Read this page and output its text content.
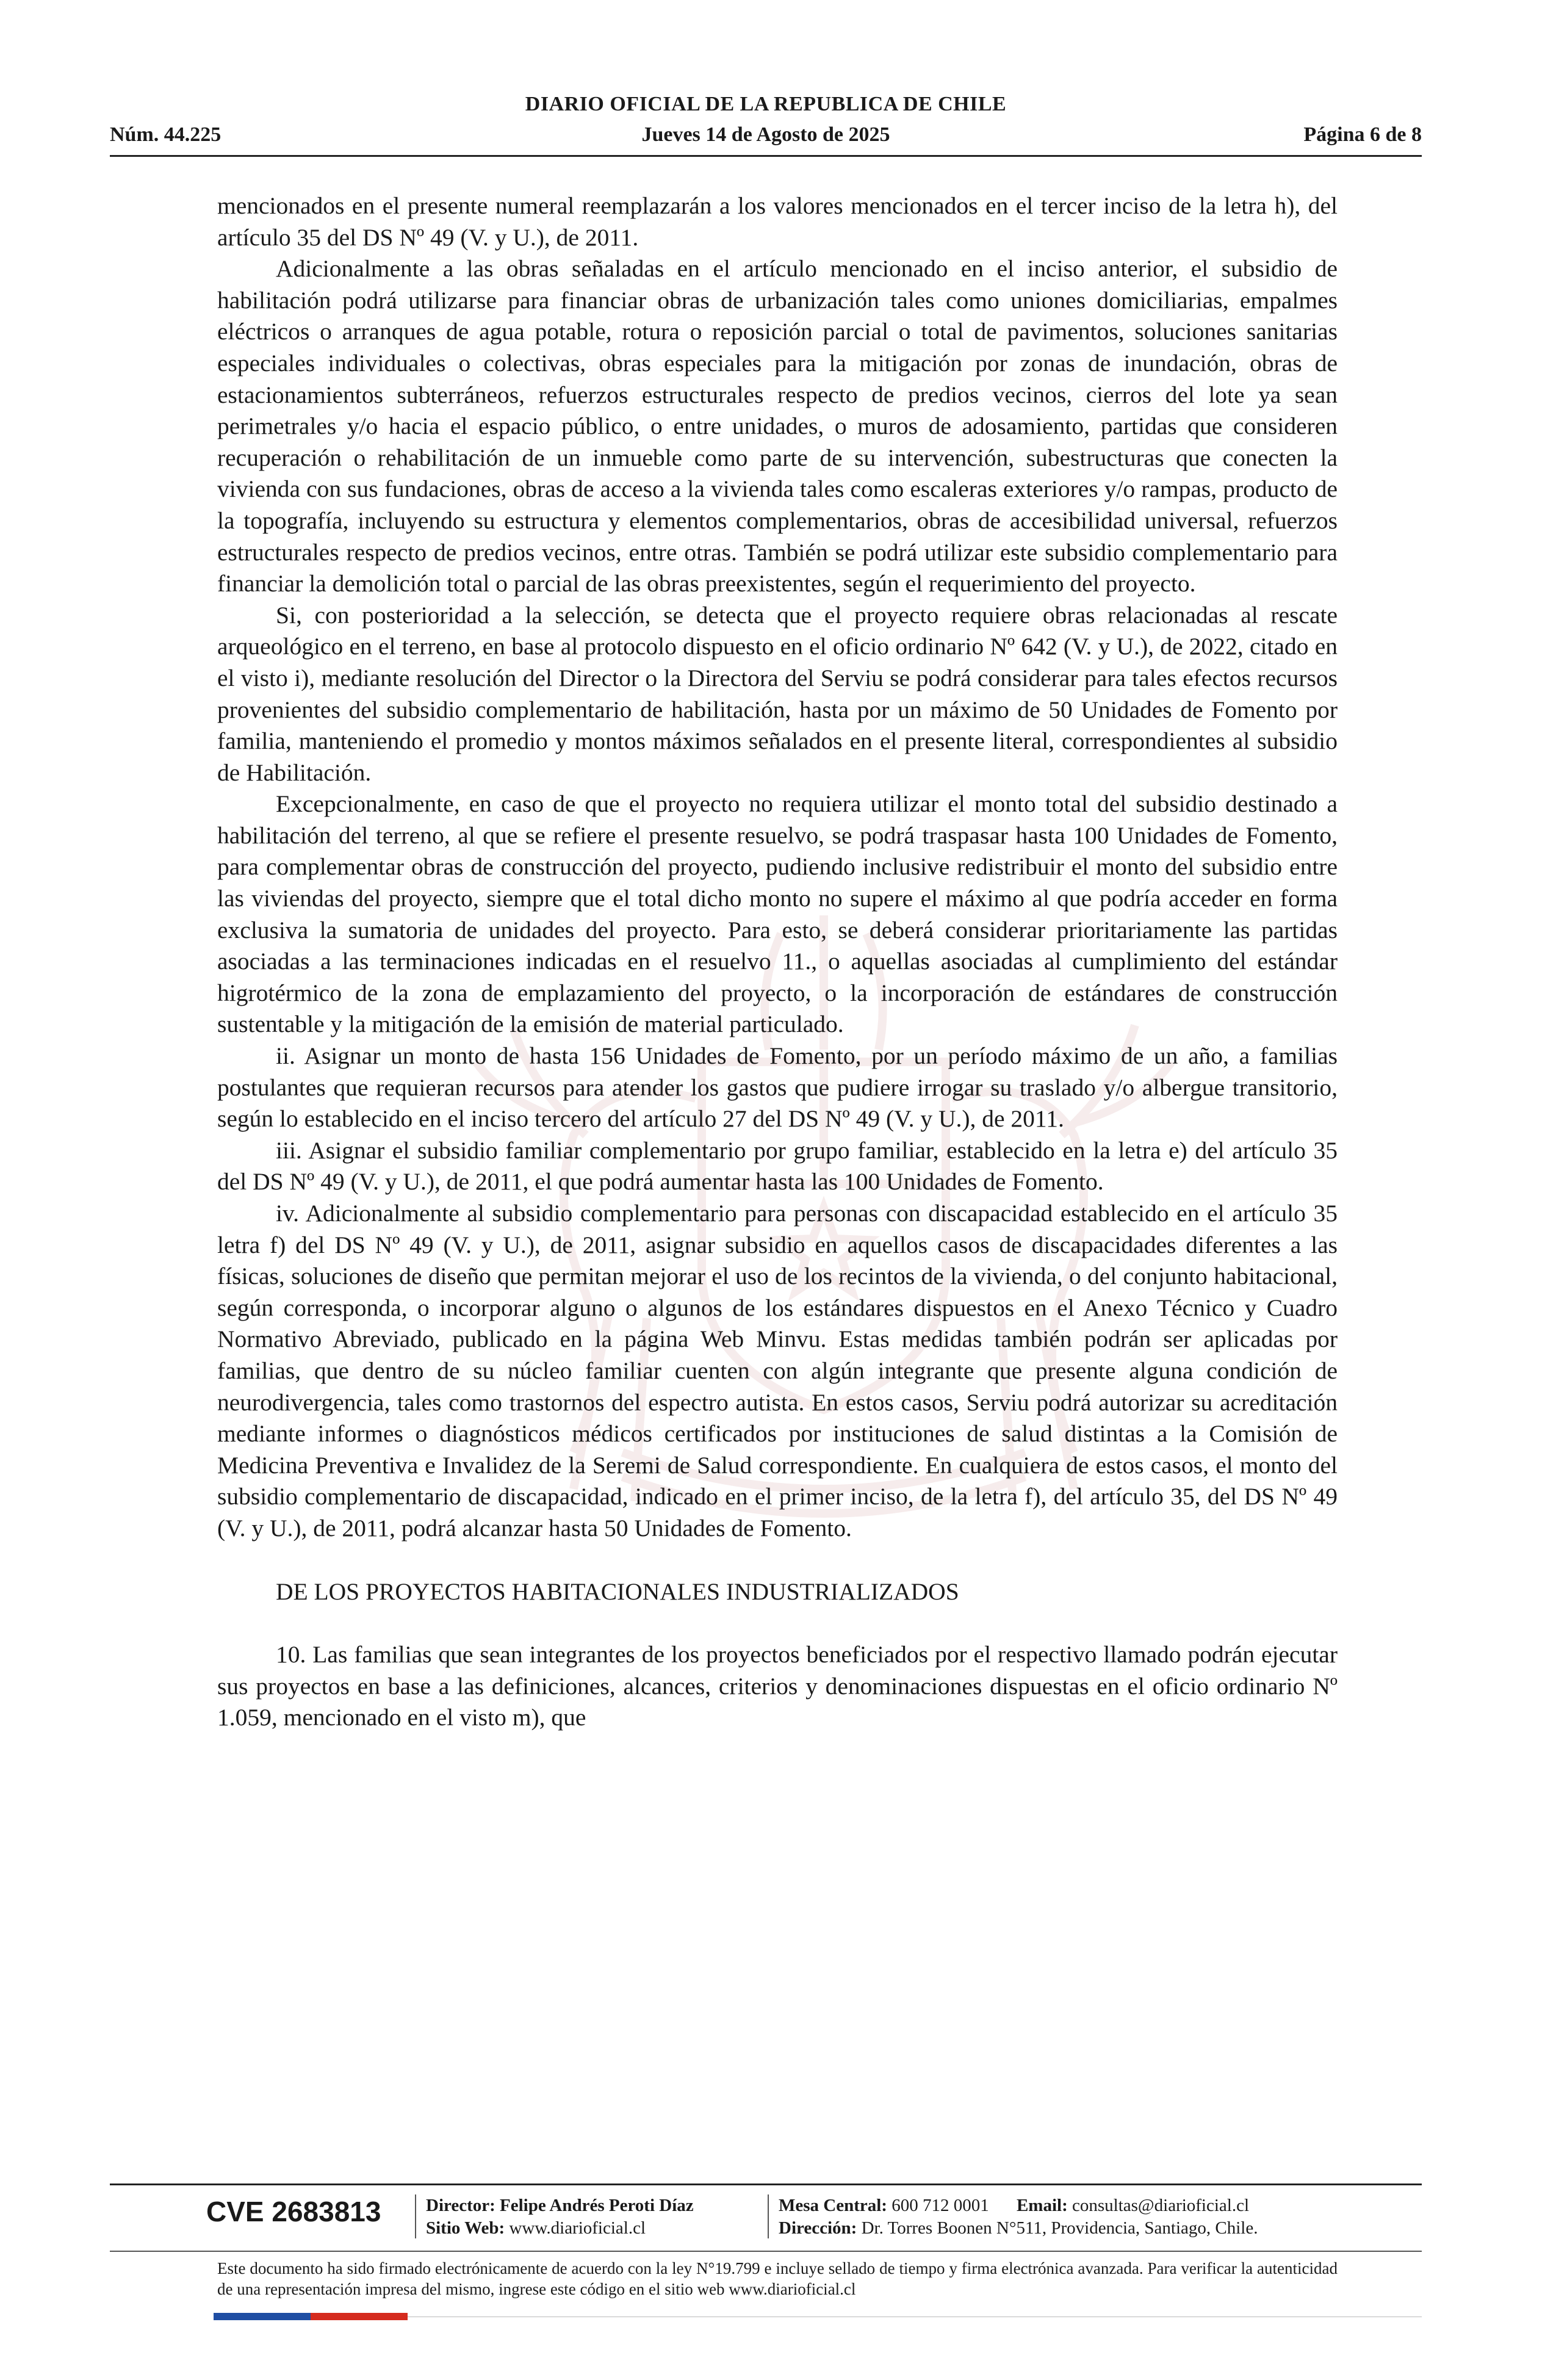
DIARIO OFICIAL DE LA REPUBLICA DE CHILE
Núm. 44.225	Jueves 14 de Agosto de 2025	Página 6 de 8

mencionados en el presente numeral reemplazarán a los valores mencionados en el tercer inciso de la letra h), del artículo 35 del DS Nº 49 (V. y U.), de 2011.

Adicionalmente a las obras señaladas en el artículo mencionado en el inciso anterior, el subsidio de habilitación podrá utilizarse para financiar obras de urbanización tales como uniones domiciliarias, empalmes eléctricos o arranques de agua potable, rotura o reposición parcial o total de pavimentos, soluciones sanitarias especiales individuales o colectivas, obras especiales para la mitigación por zonas de inundación, obras de estacionamientos subterráneos, refuerzos estructurales respecto de predios vecinos, cierros del lote ya sean perimetrales y/o hacia el espacio público, o entre unidades, o muros de adosamiento, partidas que consideren recuperación o rehabilitación de un inmueble como parte de su intervención, subestructuras que conecten la vivienda con sus fundaciones, obras de acceso a la vivienda tales como escaleras exteriores y/o rampas, producto de la topografía, incluyendo su estructura y elementos complementarios, obras de accesibilidad universal, refuerzos estructurales respecto de predios vecinos, entre otras. También se podrá utilizar este subsidio complementario para financiar la demolición total o parcial de las obras preexistentes, según el requerimiento del proyecto.

Si, con posterioridad a la selección, se detecta que el proyecto requiere obras relacionadas al rescate arqueológico en el terreno, en base al protocolo dispuesto en el oficio ordinario Nº 642 (V. y U.), de 2022, citado en el visto i), mediante resolución del Director o la Directora del Serviu se podrá considerar para tales efectos recursos provenientes del subsidio complementario de habilitación, hasta por un máximo de 50 Unidades de Fomento por familia, manteniendo el promedio y montos máximos señalados en el presente literal, correspondientes al subsidio de Habilitación.

Excepcionalmente, en caso de que el proyecto no requiera utilizar el monto total del subsidio destinado a habilitación del terreno, al que se refiere el presente resuelvo, se podrá traspasar hasta 100 Unidades de Fomento, para complementar obras de construcción del proyecto, pudiendo inclusive redistribuir el monto del subsidio entre las viviendas del proyecto, siempre que el total dicho monto no supere el máximo al que podría acceder en forma exclusiva la sumatoria de unidades del proyecto. Para esto, se deberá considerar prioritariamente las partidas asociadas a las terminaciones indicadas en el resuelvo 11., o aquellas asociadas al cumplimiento del estándar higrotérmico de la zona de emplazamiento del proyecto, o la incorporación de estándares de construcción sustentable y la mitigación de la emisión de material particulado.

ii. Asignar un monto de hasta 156 Unidades de Fomento, por un período máximo de un año, a familias postulantes que requieran recursos para atender los gastos que pudiere irrogar su traslado y/o albergue transitorio, según lo establecido en el inciso tercero del artículo 27 del DS Nº 49 (V. y U.), de 2011.

iii. Asignar el subsidio familiar complementario por grupo familiar, establecido en la letra e) del artículo 35 del DS Nº 49 (V. y U.), de 2011, el que podrá aumentar hasta las 100 Unidades de Fomento.

iv. Adicionalmente al subsidio complementario para personas con discapacidad establecido en el artículo 35 letra f) del DS Nº 49 (V. y U.), de 2011, asignar subsidio en aquellos casos de discapacidades diferentes a las físicas, soluciones de diseño que permitan mejorar el uso de los recintos de la vivienda, o del conjunto habitacional, según corresponda, o incorporar alguno o algunos de los estándares dispuestos en el Anexo Técnico y Cuadro Normativo Abreviado, publicado en la página Web Minvu. Estas medidas también podrán ser aplicadas por familias, que dentro de su núcleo familiar cuenten con algún integrante que presente alguna condición de neurodivergencia, tales como trastornos del espectro autista. En estos casos, Serviu podrá autorizar su acreditación mediante informes o diagnósticos médicos certificados por instituciones de salud distintas a la Comisión de Medicina Preventiva e Invalidez de la Seremi de Salud correspondiente. En cualquiera de estos casos, el monto del subsidio complementario de discapacidad, indicado en el primer inciso, de la letra f), del artículo 35, del DS Nº 49 (V. y U.), de 2011, podrá alcanzar hasta 50 Unidades de Fomento.

DE LOS PROYECTOS HABITACIONALES INDUSTRIALIZADOS

10. Las familias que sean integrantes de los proyectos beneficiados por el respectivo llamado podrán ejecutar sus proyectos en base a las definiciones, alcances, criterios y denominaciones dispuestas en el oficio ordinario Nº 1.059, mencionado en el visto m), que

CVE 2683813	Director: Felipe Andrés Peroti Díaz
Sitio Web: www.diarioficial.cl
Mesa Central: 600 712 0001 Email: consultas@diarioficial.cl
Dirección: Dr. Torres Boonen N°511, Providencia, Santiago, Chile.
Este documento ha sido firmado electrónicamente de acuerdo con la ley N°19.799 e incluye sellado de tiempo y firma electrónica avanzada. Para verificar la autenticidad de una representación impresa del mismo, ingrese este código en el sitio web www.diarioficial.cl
